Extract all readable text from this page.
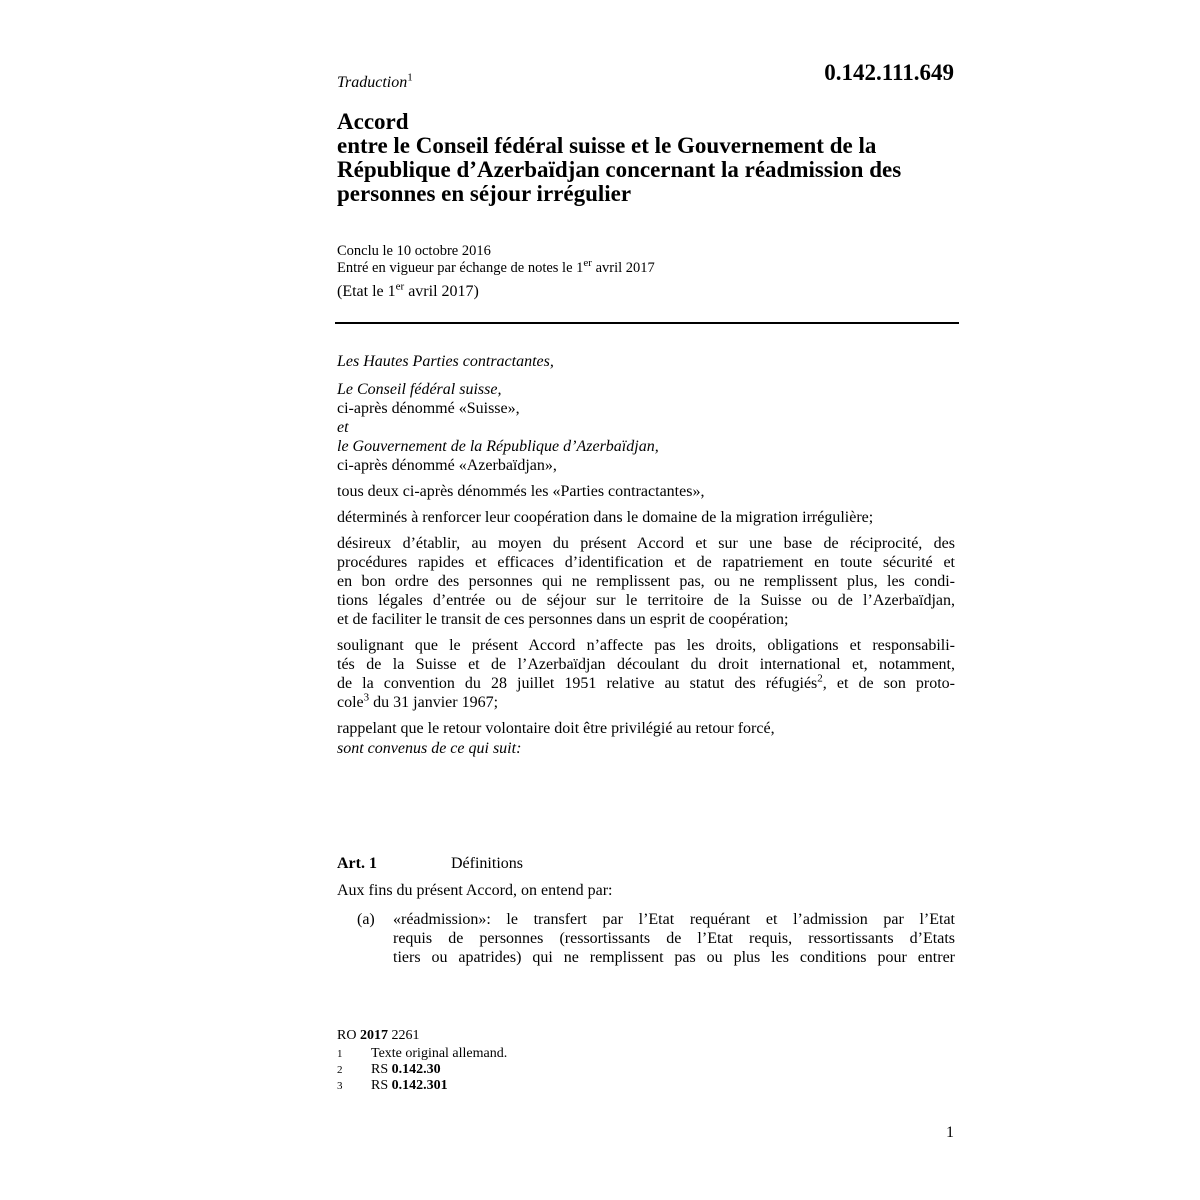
Traduction$^1$	0.142.111.649
Accord
entre le Conseil fédéral suisse et le Gouvernement de la
République d’Azerbaïdjan concernant la réadmission des
personnes en séjour irrégulier
Conclu le 10 octobre 2016
Entré en vigueur par échange de notes le 1er avril 2017
(Etat le 1er avril 2017)

Les Hautes Parties contractantes,

Le Conseil fédéral suisse,
ci-après dénommé «Suisse»,
et
le Gouvernement de la République d’Azerbaïdjan,
ci-après dénommé «Azerbaïdjan»,

tous deux ci-après dénommés les «Parties contractantes»,

déterminés à renforcer leur coopération dans le domaine de la migration irrégulière;

désireux d’établir, au moyen du présent Accord et sur une base de réciprocité, des
procédures rapides et efficaces d’identification et de rapatriement en toute sécurité et
en bon ordre des personnes qui ne remplissent pas, ou ne remplissent plus, les condi-
tions légales d’entrée ou de séjour sur le territoire de la Suisse ou de l’Azerbaïdjan,
et de faciliter le transit de ces personnes dans un esprit de coopération;

soulignant que le présent Accord n’affecte pas les droits, obligations et responsabili-
tés de la Suisse et de l’Azerbaïdjan découlant du droit international et, notamment,
de la convention du 28 juillet 1951 relative au statut des réfugiés$^2$, et de son proto-
cole$^3$ du 31 janvier 1967;

rappelant que le retour volontaire doit être privilégié au retour forcé,

sont convenus de ce qui suit:

Art. 1	Définitions
Aux fins du présent Accord, on entend par:
(a) «réadmission»: le transfert par l’Etat requérant et l’admission par l’Etat
requis de personnes (ressortissants de l’Etat requis, ressortissants d’Etats
tiers ou apatrides) qui ne remplissent pas ou plus les conditions pour entrer
RO 2017 2261
1 Texte original allemand.
2 RS 0.142.30
3 RS 0.142.301
1
